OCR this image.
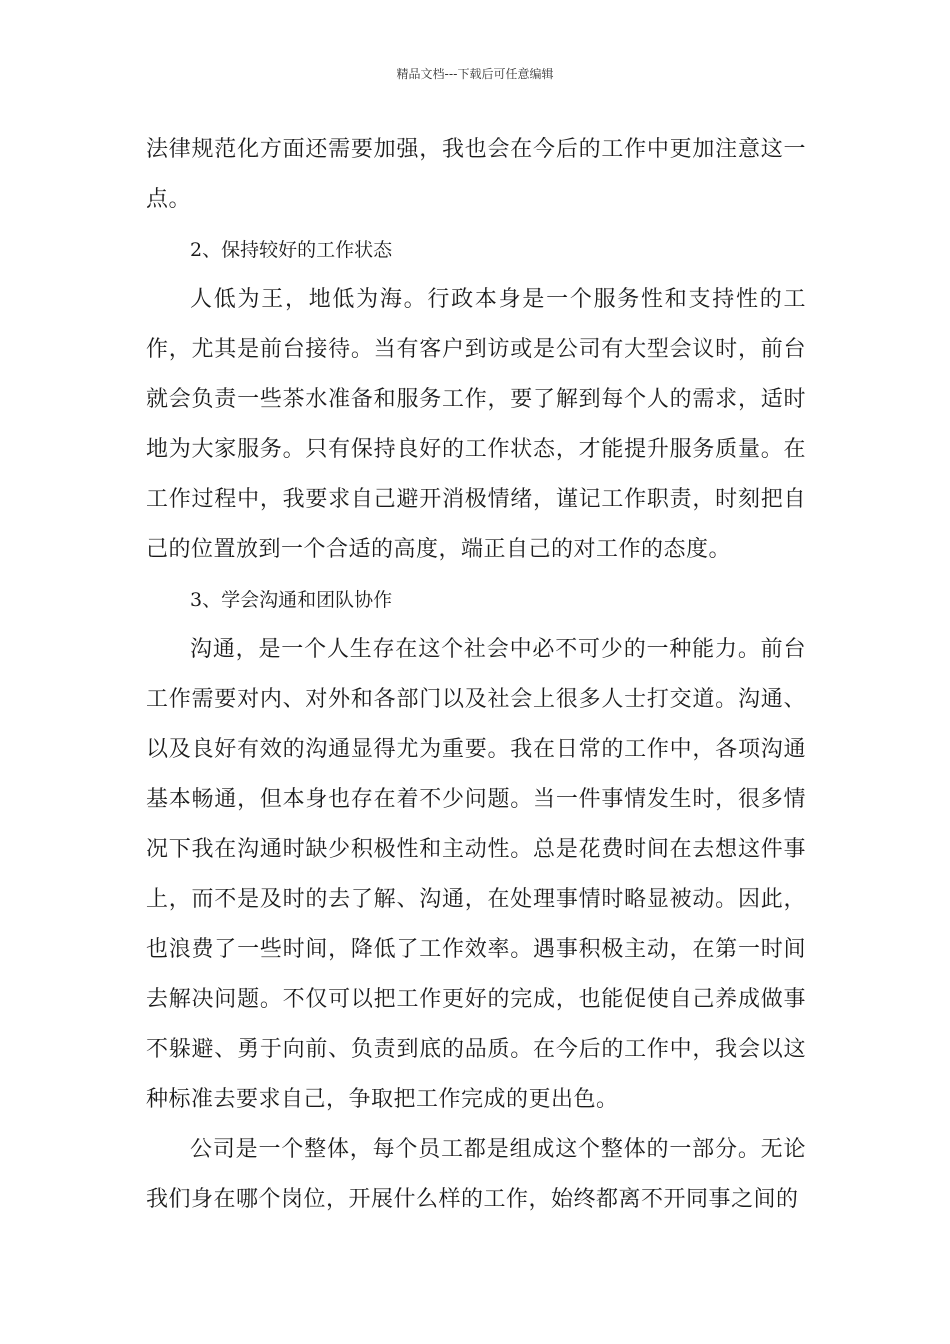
精品文档---下载后可任意编辑

法律规范化方面还需要加强，我也会在今后的工作中更加注意这一点。

2、保持较好的工作状态

人低为王，地低为海。行政本身是一个服务性和支持性的工作，尤其是前台接待。当有客户到访或是公司有大型会议时，前台就会负责一些茶水准备和服务工作，要了解到每个人的需求，适时地为大家服务。只有保持良好的工作状态，才能提升服务质量。在工作过程中，我要求自己避开消极情绪，谨记工作职责，时刻把自己的位置放到一个合适的高度，端正自己的对工作的态度。

3、学会沟通和团队协作

沟通，是一个人生存在这个社会中必不可少的一种能力。前台工作需要对内、对外和各部门以及社会上很多人士打交道。沟通、以及良好有效的沟通显得尤为重要。我在日常的工作中，各项沟通基本畅通，但本身也存在着不少问题。当一件事情发生时，很多情况下我在沟通时缺少积极性和主动性。总是花费时间在去想这件事上，而不是及时的去了解、沟通，在处理事情时略显被动。因此，也浪费了一些时间，降低了工作效率。遇事积极主动，在第一时间去解决问题。不仅可以把工作更好的完成，也能促使自己养成做事不躲避、勇于向前、负责到底的品质。在今后的工作中，我会以这种标准去要求自己，争取把工作完成的更出色。

公司是一个整体，每个员工都是组成这个整体的一部分。无论我们身在哪个岗位，开展什么样的工作，始终都离不开同事之间的
